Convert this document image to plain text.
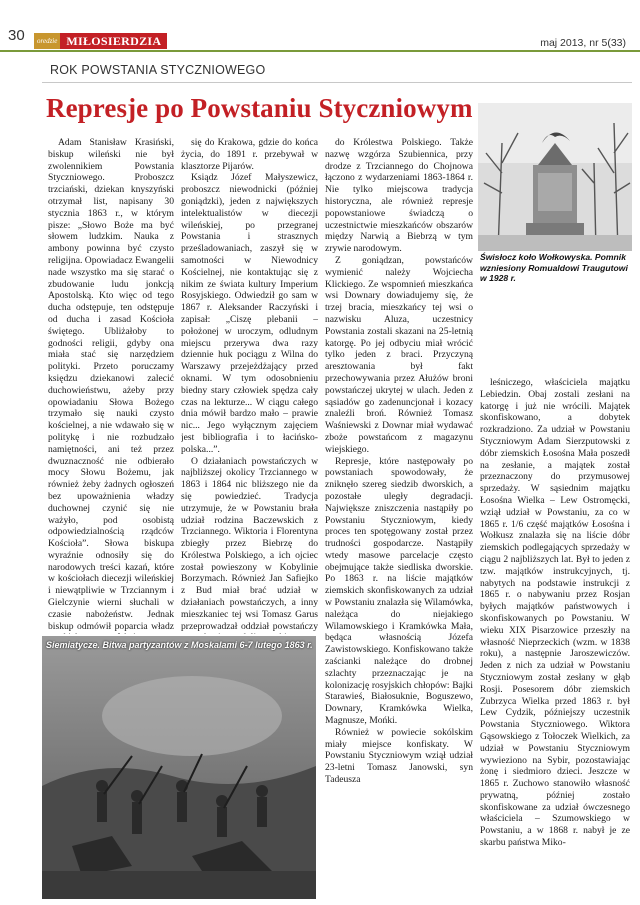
30	oredzie MIŁOSIERDZIA	maj 2013, nr 5(33)
ROK POWSTANIA STYCZNIOWEGO
Represje po Powstaniu Styczniowym

Adam Stanisław Krasiński, biskup wileński nie był zwolennikiem Powstania Styczniowego. Proboszcz trzciański, dziekan knyszyński otrzymał list, napisany 30 stycznia 1863 r., w którym pisze: „Słowo Boże ma być słowem ludzkim. Nauka z ambony powinna być czysto religijna. Opowiadacz Ewangelii nade wszystko ma się starać o zbudowanie ludu jonkcją Apostolską. Kto więc od tego ducha odstępuje, ten odstępuje od ducha i zasad Kościoła świętego. Ubliżałoby to godności religii, gdyby ona miała stać się narzędziem polityki. Przeto poruczamy księdzu dziekanowi zalecić duchowieństwu, ażeby przy opowiadaniu Słowa Bożego trzymało się nauki czysto kościelnej, a nie wdawało się w politykę i nie rozbudzało namiętności, ani też przez dwuznaczność nie odbierało mocy Słowu Bożemu, jak również żeby żadnych ogłoszeń bez upoważnienia władzy duchownej czynić się nie ważyło, pod osobistą odpowiedzialnością rządców Kościoła”. Słowa biskupa wyraźnie odnosiły się do narodowych treści kazań, które w kościołach diecezji wileńskiej i niewątpliwie w Trzciannym i Gielczynie wierni słuchali w czasie nabożeństw. Jednak biskup odmówił poparcia władz

się do Krakowa, gdzie do końca życia, do 1891 r. przebywał w klasztorze Pijarów.

Ksiądz Józef Małyszewicz, proboszcz niewodnicki (później goniądzki), jeden z największych intelektualistów w diecezji wileńskiej, po przegranej Powstania i strasznych prześladowaniach, zaszył się w samotności w Niewodnicy Kościelnej, nie kontaktując się z nikim ze świata kultury Imperium Rosyjskiego. Odwiedził go sam w 1867 r. Aleksander Raczyński i zapisał: „Ciszę plebanii – położonej w uroczym, odludnym miejscu przerywa dwa razy dziennie huk pociągu z Wilna do Warszawy przejeżdżający przed oknami. W tym odosobnieniu biedny stary człowiek spędza cały czas na lekturze... W ciągu całego dnia mówił bardzo mało – prawie nic... Jego wyłącznym zajęciem jest bibliografia i to łacińsko-polska...”.

O działaniach powstańczych w najbliższej okolicy Trzciannego w 1863 i 1864 nic bliższego nie da się powiedzieć. Tradycja utrzymuje, że w Powstaniu brała udział rodzina Baczewskich z Trzciannego. Wiktoria i Florentyna zbiegły przez Biebrzę do Królestwa Polskiego, a ich ojciec został powieszony w Kobylinie Borzymach. Również Jan Safiejko z Bud miał brać udział w działaniach powstańczych, a inny mieszkaniec tej wsi Tomasz Garus przeprowadzał oddział powstańczy

do Królestwa Polskiego. Także nazwę wzgórza Szubiennica, przy drodze z Trzciannego do Chojnowa łączono z wydarzeniami 1863-1864 r. Nie tylko miejscowa tradycja historyczna, ale również represje popowstaniowe świadczą o uczestnictwie mieszkańców obszarów między Narwią a Biebrzą w tym zrywie narodowym.

Z goniądzan, powstańców wymienić należy Wojciecha Klickiego. Ze wspomnień mieszkańca wsi Downary dowiadujemy się, że trzej bracia, mieszkańcy tej wsi o nazwisku Aluza, uczestnicy Powstania zostali skazani na 25-letnią katorgę. Po jej odbyciu miał wrócić tylko jeden z braci. Przyczyną aresztowania był fakt przechowywania przez Ałużów broni powstańczej ukrytej w ulach. Jeden z sąsiadów go zadenuncjonał i kozacy znaleźli broń. Również Tomasz Waśniewski z Downar miał wydawać zboże powstańcom z magazynu wiejskiego.

Represje, które następowały po powstaniach spowodowały, że zniknęło szereg siedzib dworskich, a pozostałe uległy degradacji. Największe zniszczenia nastąpiły po Powstaniu Styczniowym, kiedy proces ten spotęgowany został przez trudności gospodarcze. Nastąpiły wtedy masowe parcelacje często obejmujące także siedliska dworskie. Po 1863 r. na liście majątków ziemskich skonfiskowanych za udział w Powstaniu znalazła się Wilamówka, należąca do niejakiego Wilamowskiego i Kramkówka Mała, będąca własnością Józefa Zawistowskiego. Konfiskowano także zaścianki należące do drobnej szlachty przeznaczając je na kolonizację rosyjskich chłopów: Bajki Starawieś, Białosuknie, Boguszewo, Downary, Kramkówka Wielka, Magnusze, Mońki.

Również w powiecie sokólskim miały miejsce konfiskaty. W Powstaniu Styczniowym wziął udział 23-letni Tomasz Janowski, syn Tadeusza

Świsłocz koło Wołkowyska. Pomnik wzniesiony Romualdowi Traugutowi w 1928 r.

leśniczego, właściciela majątku Lebiedzin. Obaj zostali zesłani na katorgę i już nie wrócili. Majątek skonfiskowano, a dobytek rozkradziono. Za udział w Powstaniu Styczniowym Adam Sierzputowski z dóbr ziemskich Łosośna Mała poszedł na zesłanie, a majątek został przeznaczony do przymusowej sprzedaży. W sąsiednim majątku Łosośna Wielka – Lew Ostromęcki, wziął udział w Powstaniu, za co w 1865 r. 1/6 część majątków Łosośna i Wołkusz znalazła się na liście dóbr ziemskich podlegających sprzedaży w ciągu 2 najbliższych lat. Był to jeden z tzw. majątków instrukcyjnych, tj. nabytych na podstawie instrukcji z 1865 r. o nabywaniu przez Rosjan byłych majątków państwowych i skonfiskowanych po Powstaniu. W wieku XIX Pisarzowice przeszły na własność Nieprzeckich (wzm. w 1838 roku), a następnie Jaroszewiczów. Jeden z nich za udział w Powstaniu Styczniowym został zesłany w głąb Rosji. Posesorem dóbr ziemskich Zubrzyca Wielka przed 1863 r. był Lew Cydzik, późniejszy uczestnik Powstania Styczniowego. Wiktora Gąsowskiego z Tołoczek Wielkich, za udział w Powstaniu Styczniowym wywieziono na Sybir, pozostawiając żonę i siedmioro dzieci. Jeszcze w 1865 r. Zuchowo stanowiło własność prywatną, później zostało skonfiskowane za udział ówczesnego właściciela – Szumowskiego w Powstaniu, a w 1868 r. nabył je ze skarbu państwa Miko-

Siemiatycze. Bitwa partyzantów z Moskalami 6-7 lutego 1863 r.
